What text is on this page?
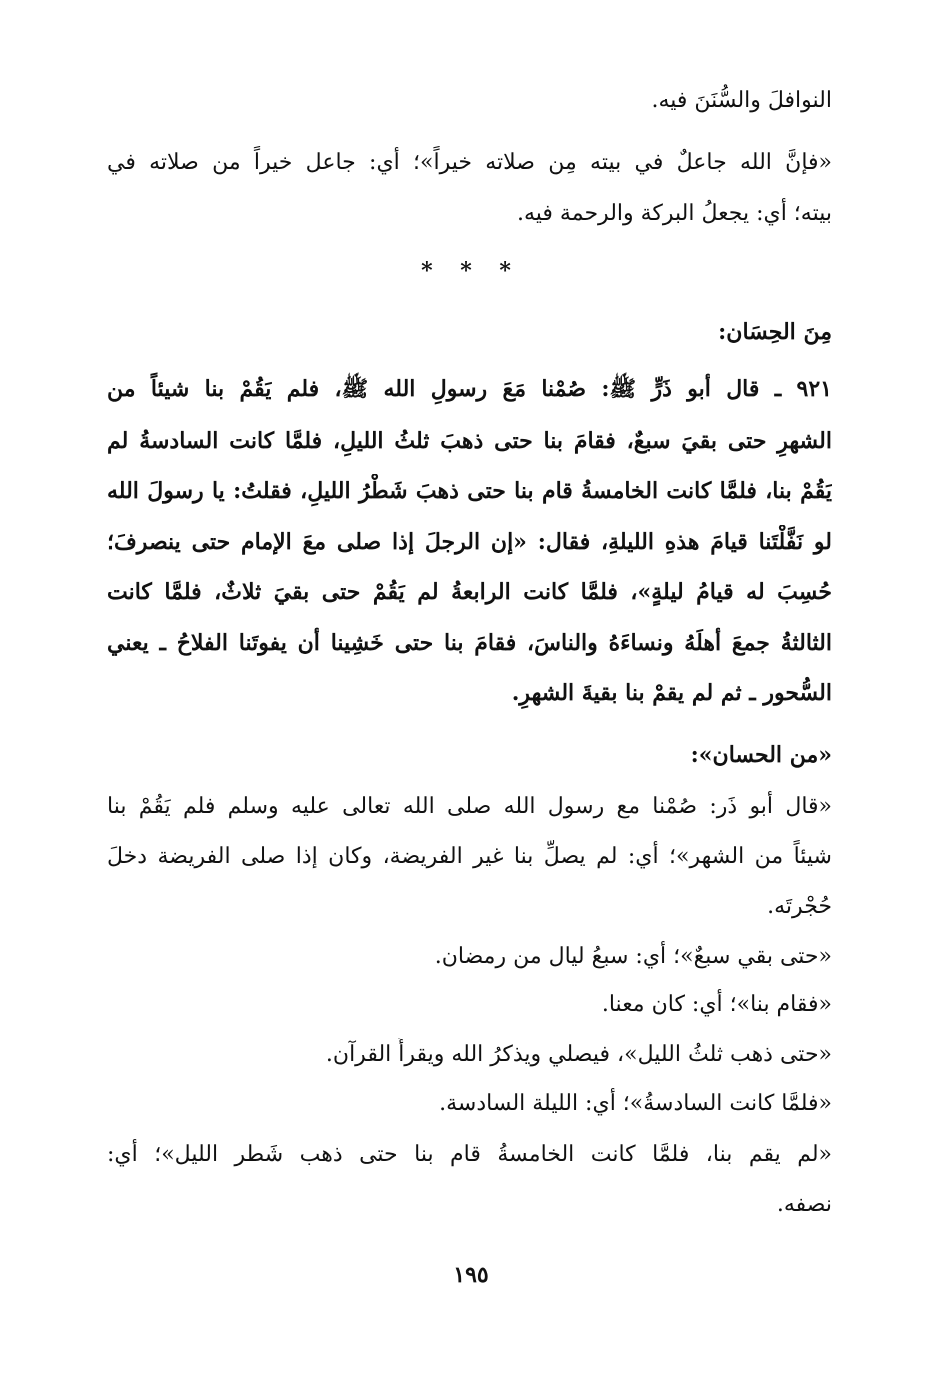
النوافلَ والسُّنَنَ فيه.
«فإنَّ الله جاعلٌ في بيته مِن صلاته خيراً»؛ أي: جاعل خيراً من صلاته في
بيته؛ أي: يجعلُ البركة والرحمة فيه.
* * *
مِنَ الحِسَان:
٩٢١ ـ قال أبو ذَرٍّ ﷺ: صُمْنا مَعَ رسولِ الله ﷺ، فلم يَقُمْ بنا شيئاً من
الشهرِ حتى بقيَ سبعٌ، فقامَ بنا حتى ذهبَ ثلثُ الليلِ، فلمَّا كانت السادسةُ لم
يَقُمْ بنا، فلمَّا كانت الخامسةُ قام بنا حتى ذهبَ شَطْرُ الليلِ، فقلتُ: يا رسولَ الله
لو نَفَّلْتَنا قيامَ هذهِ الليلةِ، فقال: «إن الرجلَ إذا صلى معَ الإمام حتى ينصرفَ؛
حُسِبَ له قيامُ ليلةٍ»، فلمَّا كانت الرابعةُ لم يَقُمْ حتى بقيَ ثلاثٌ، فلمَّا كانت
الثالثةُ جمعَ أهلَهُ ونساءَهُ والناسَ، فقامَ بنا حتى خَشِينا أن يفوتَنا الفلاحُ ـ يعني
السُّحور ـ ثم لم يقمْ بنا بقيةَ الشهرِ.
«من الحسان»:
«قال أبو ذَر: صُمْنا مع رسول الله صلى الله تعالى عليه وسلم فلم يَقُمْ بنا
شيئاً من الشهر»؛ أي: لم يصلِّ بنا غير الفريضة، وكان إذا صلى الفريضة دخلَ
حُجْرتَه.
«حتى بقي سبعٌ»؛ أي: سبعُ ليال من رمضان.
«فقام بنا»؛ أي: كان معنا.
«حتى ذهب ثلثُ الليل»، فيصلي ويذكرُ الله ويقرأُ القرآن.
«فلمَّا كانت السادسةُ»؛ أي: الليلة السادسة.
«لم يقم بنا، فلمَّا كانت الخامسةُ قام بنا حتى ذهب شَطر الليل»؛ أي:
نصفه.
١٩٥
